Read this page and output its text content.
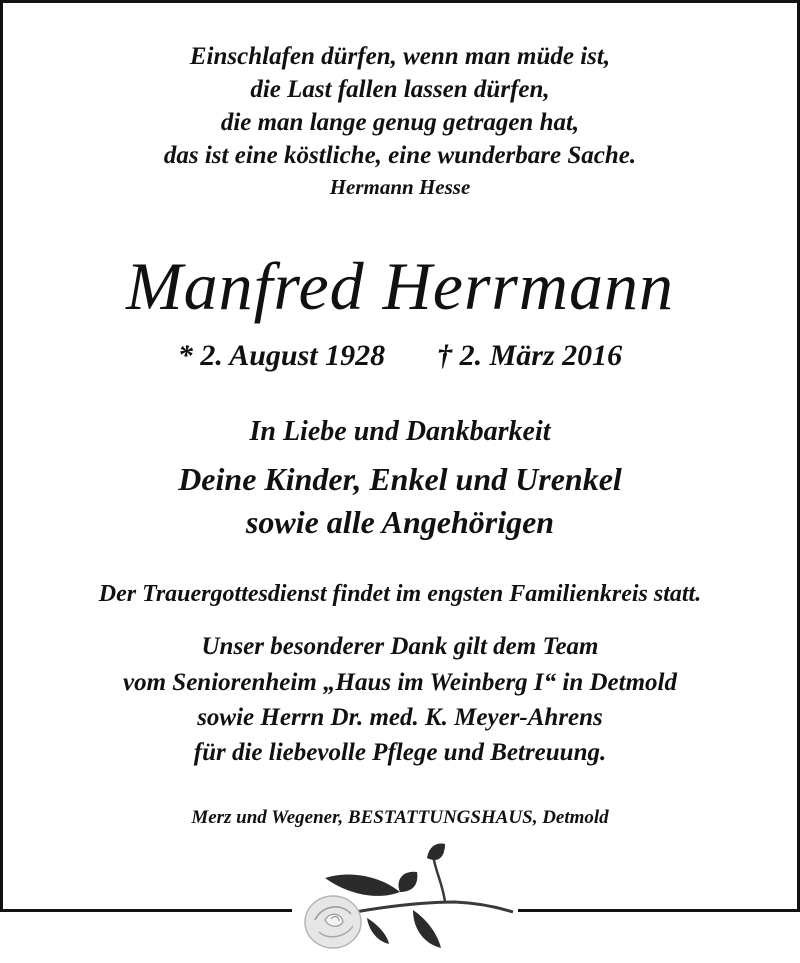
Einschlafen dürfen, wenn man müde ist,
die Last fallen lassen dürfen,
die man lange genug getragen hat,
das ist eine köstliche, eine wunderbare Sache.
Hermann Hesse
Manfred Herrmann
* 2. August 1928 † 2. März 2016
In Liebe und Dankbarkeit
Deine Kinder, Enkel und Urenkel
sowie alle Angehörigen
Der Trauergottesdienst findet im engsten Familienkreis statt.
Unser besonderer Dank gilt dem Team
vom Seniorenheim „Haus im Weinberg I“ in Detmold
sowie Herrn Dr. med. K. Meyer-Ahrens
für die liebevolle Pflege und Betreuung.
Merz und Wegener, BESTATTUNGSHAUS, Detmold
